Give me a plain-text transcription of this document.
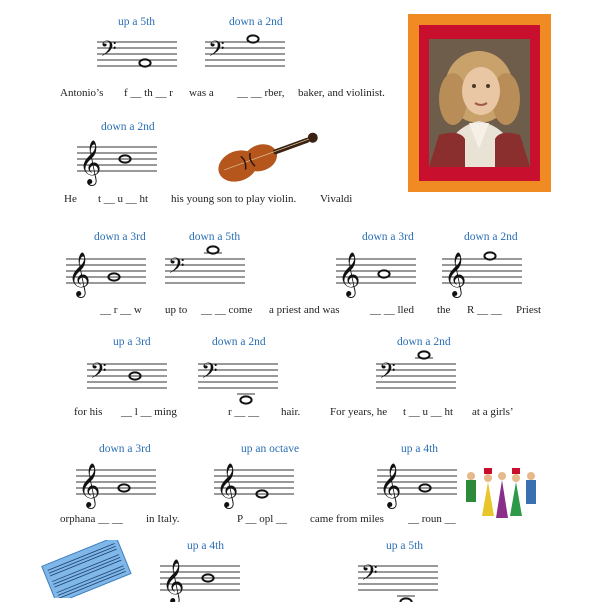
up a 5th	down a 2nd
𝄢	𝄢
Antonio’s f __ th __ r was a __ __ rber, baker, and violinist.
down a 2nd
𝄞
He t __ u __ ht his young son to play violin. Vivaldi
down a 3rd	down a 5th	down a 3rd	down a 2nd
𝄞	𝄢	𝄞 𝄞
__ r __ w up to __ __ come a priest and was	__ __ lled the R __ __ Priest
up a 3rd	down a 2nd	down a 2nd
𝄢	𝄢	𝄢
for his __ l __ ming	r __ __ hair.	For years, he t __ u __ ht at a girls’
down a 3rd	up an octave	up a 4th
𝄞	𝄞	𝄞
orphana __ __ in Italy.	P __ opl __ came from miles __ roun __
up a 4th	up a 5th
𝄞	𝄢
